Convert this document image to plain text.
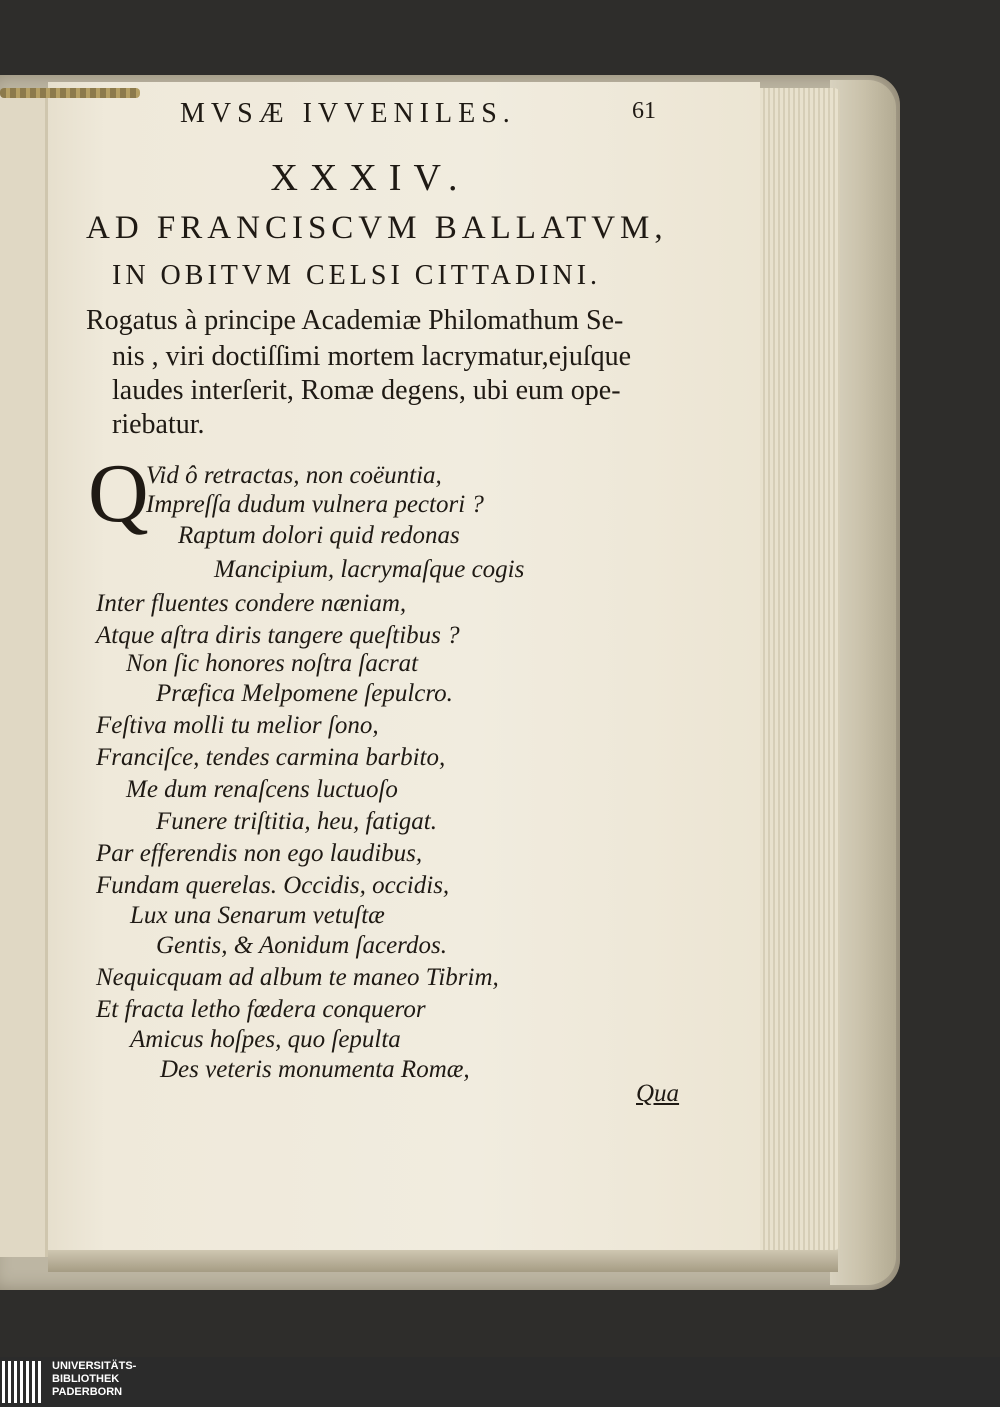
MVSÆ IVVENILES.	61

XXXIV.

AD FRANCISCVM BALLATVM,

IN OBITVM CELSI CITTADINI.

Rogatus à principe Academiæ Philomathum Se-

nis , viri doctiſſimi mortem lacrymatur,ejuſque

laudes interſerit, Romæ degens, ubi eum ope-

riebatur.

Q

Vid ô retractas, non coëuntia,

Impreſſa dudum vulnera pectori ?

Raptum dolori quid redonas

Mancipium, lacrymaſque cogis

Inter fluentes condere næniam,

Atque aſtra diris tangere queſtibus ?

Non ſic honores noſtra ſacrat

Præfica Melpomene ſepulcro.

Feſtiva molli tu melior ſono,

Franciſce, tendes carmina barbito,

Me dum renaſcens luctuoſo

Funere triſtitia, heu, fatigat.

Par efferendis non ego laudibus,

Fundam querelas. Occidis, occidis,

Lux una Senarum vetuſtæ

Gentis, & Aonidum ſacerdos.

Nequicquam ad album te maneo Tibrim,

Et fracta letho fœdera conqueror

Amicus hoſpes, quo ſepulta

Des veteris monumenta Romæ,

Qua

UNIVERSITÄTS-
BIBLIOTHEK
PADERBORN
